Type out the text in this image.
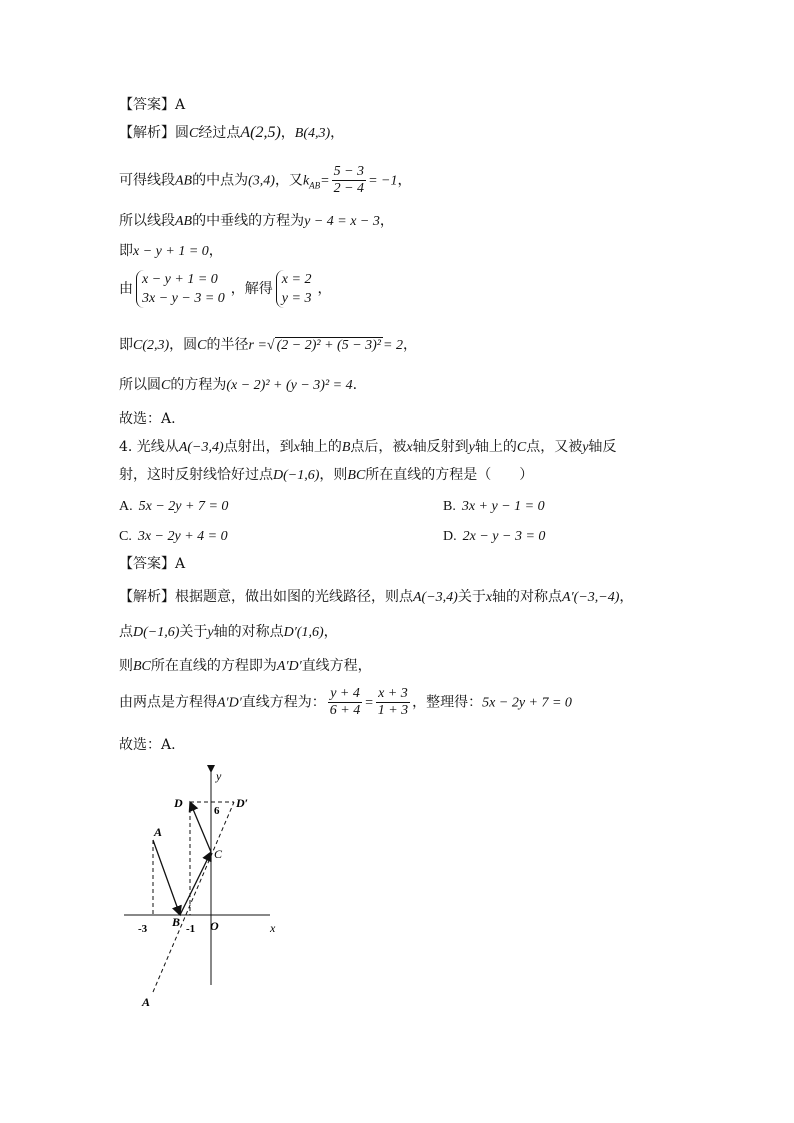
【答案】A
【解析】圆C经过点A(2,5)，B(4,3)，
可得线段AB的中点为(3,4)，又$k_{AB}= \frac{5 - 3}{2 - 4} = -1$，
所以线段AB的中垂线的方程为y − 4 = x − 3，
即x − y + 1 = 0，
由
x − y + 1 = 0
3x − y − 3 = 0
，解得
x = 2
y = 3
，
即C(2,3)，圆C的半径r =√ (2 − 2)² + (5 − 3)² = 2，
所以圆C的方程为(x − 2)² + (y − 3)² = 4.
故选：A.
4. 光线从A(−3,4)点射出，到x轴上的B点后，被x轴反射到y轴上的C点，又被y轴反
射，这时反射线恰好过点D(−1,6)，则BC所在直线的方程是（　　）
A. 5x − 2y + 7 = 0	B. 3x + y − 1 = 0
C. 3x − 2y + 4 = 0	D. 2x − y − 3 = 0
【答案】A
【解析】根据题意，做出如图的光线路径，则点A(−3,4)关于x轴的对称点A′(−3,−4)，
点D(−1,6)关于y轴的对称点D′(1,6)，
则BC所在直线的方程即为A′D′直线方程，
由两点是方程得A′D′直线方程为： $\frac{y + 4}{6 + 4} = \frac{x + 3}{1 + 3}$ ，整理得：5x − 2y + 7 = 0
故选：A.
y
x
O
D	D′
6
A
C
B
-3	-1
A
